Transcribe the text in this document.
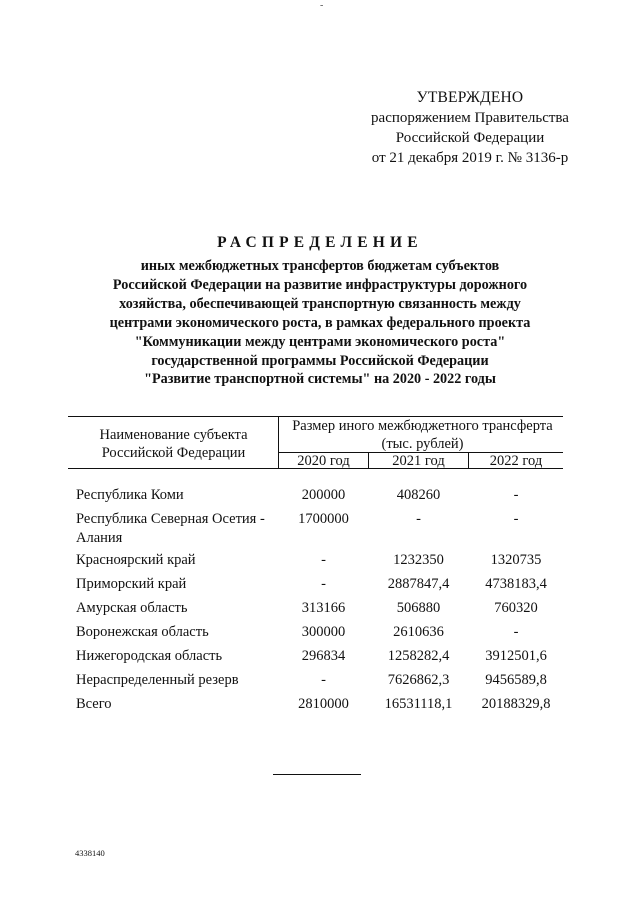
-
УТВЕРЖДЕНО
распоряжением Правительства
Российской Федерации
от 21 декабря 2019 г. № 3136-р
РАСПРЕДЕЛЕНИЕ
иных межбюджетных трансфертов бюджетам субъектов
Российской Федерации на развитие инфраструктуры дорожного
хозяйства, обеспечивающей транспортную связанность между
центрами экономического роста, в рамках федерального проекта
"Коммуникации между центрами экономического роста"
государственной программы Российской Федерации
"Развитие транспортной системы" на 2020 - 2022 годы
Наименование субъекта
Российской Федерации
Размер иного межбюджетного трансферта
(тыс. рублей)
2020 год	2021 год	2022 год
Республика Коми	200000	408260	-
Республика Северная Осетия -
Алания
1700000	-	-
Красноярский край	-	1232350	1320735
Приморский край	-	2887847,4	4738183,4
Амурская область	313166	506880	760320
Воронежская область	300000	2610636	-
Нижегородская область	296834	1258282,4	3912501,6
Нераспределенный резерв	-	7626862,3	9456589,8
Всего	2810000	16531118,1	20188329,8
4338140
